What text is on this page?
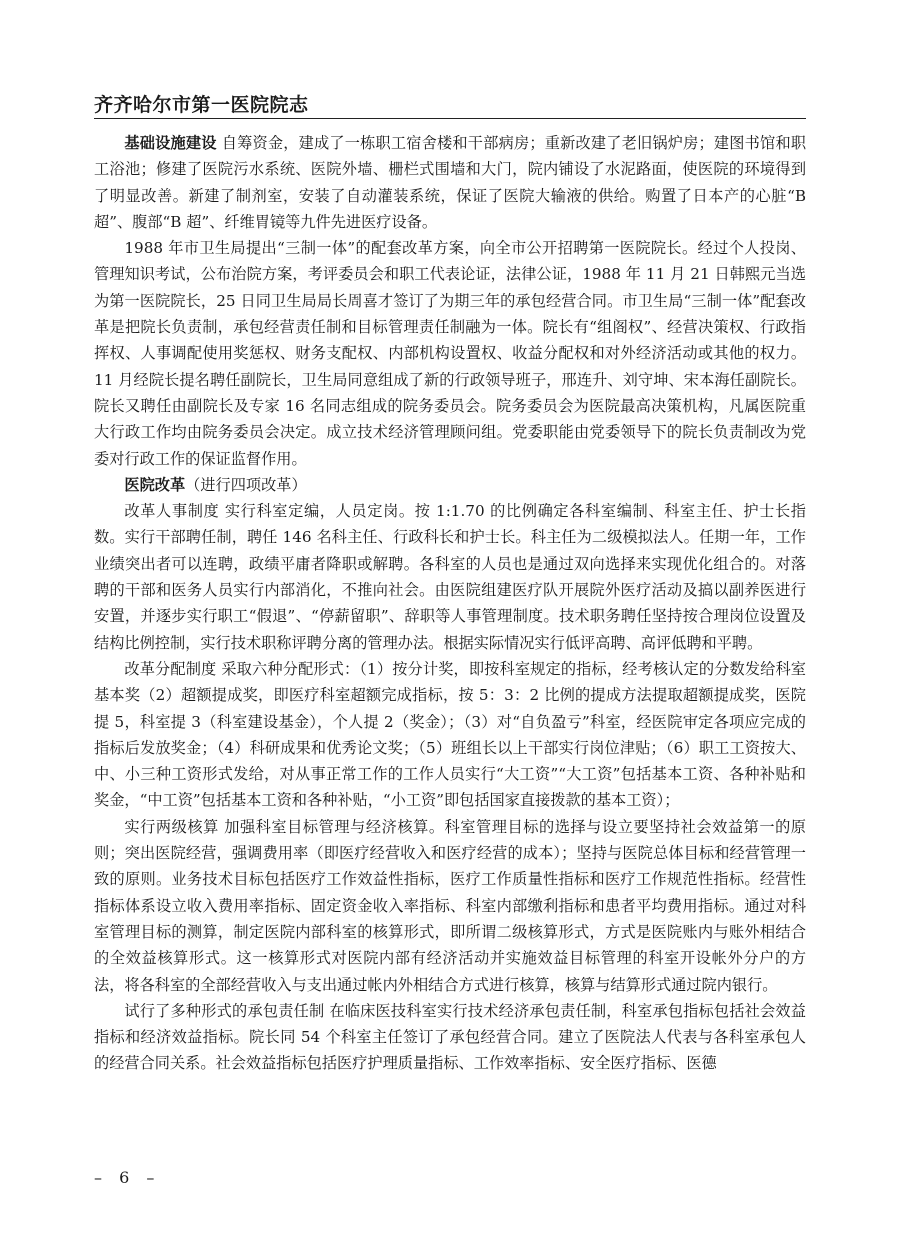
齐齐哈尔市第一医院院志

基础设施建设 自筹资金，建成了一栋职工宿舍楼和干部病房；重新改建了老旧锅炉房；建图书馆和职工浴池；修建了医院污水系统、医院外墙、栅栏式围墙和大门，院内铺设了水泥路面，使医院的环境得到了明显改善。新建了制剂室，安装了自动灌装系统，保证了医院大输液的供给。购置了日本产的心脏“B 超”、腹部“B 超”、纤维胃镜等九件先进医疗设备。

1988 年市卫生局提出“三制一体”的配套改革方案，向全市公开招聘第一医院院长。经过个人投岗、管理知识考试，公布治院方案，考评委员会和职工代表论证，法律公证，1988 年 11 月 21 日韩熙元当选为第一医院院长，25 日同卫生局局长周喜才签订了为期三年的承包经营合同。市卫生局“三制一体”配套改革是把院长负责制，承包经营责任制和目标管理责任制融为一体。院长有“组阁权”、经营决策权、行政指挥权、人事调配使用奖惩权、财务支配权、内部机构设置权、收益分配权和对外经济活动或其他的权力。11 月经院长提名聘任副院长，卫生局同意组成了新的行政领导班子，邢连升、刘守坤、宋本海任副院长。院长又聘任由副院长及专家 16 名同志组成的院务委员会。院务委员会为医院最高决策机构，凡属医院重大行政工作均由院务委员会决定。成立技术经济管理顾问组。党委职能由党委领导下的院长负责制改为党委对行政工作的保证监督作用。

医院改革（进行四项改革）

改革人事制度 实行科室定编，人员定岗。按 1:1.70 的比例确定各科室编制、科室主任、护士长指数。实行干部聘任制，聘任 146 名科主任、行政科长和护士长。科主任为二级模拟法人。任期一年，工作业绩突出者可以连聘，政绩平庸者降职或解聘。各科室的人员也是通过双向选择来实现优化组合的。对落聘的干部和医务人员实行内部消化，不推向社会。由医院组建医疗队开展院外医疗活动及搞以副养医进行安置，并逐步实行职工“假退”、“停薪留职”、辞职等人事管理制度。技术职务聘任坚持按合理岗位设置及结构比例控制，实行技术职称评聘分离的管理办法。根据实际情况实行低评高聘、高评低聘和平聘。

改革分配制度 采取六种分配形式：（1）按分计奖，即按科室规定的指标，经考核认定的分数发给科室基本奖（2）超额提成奖，即医疗科室超额完成指标，按 5：3：2 比例的提成方法提取超额提成奖，医院提 5，科室提 3（科室建设基金），个人提 2（奖金）；（3）对“自负盈亏”科室，经医院审定各项应完成的指标后发放奖金；（4）科研成果和优秀论文奖；（5）班组长以上干部实行岗位津贴；（6）职工工资按大、中、小三种工资形式发给，对从事正常工作的工作人员实行“大工资”“大工资”包括基本工资、各种补贴和奖金，“中工资”包括基本工资和各种补贴，“小工资”即包括国家直接拨款的基本工资）；

实行两级核算 加强科室目标管理与经济核算。科室管理目标的选择与设立要坚持社会效益第一的原则；突出医院经营，强调费用率（即医疗经营收入和医疗经营的成本）；坚持与医院总体目标和经营管理一致的原则。业务技术目标包括医疗工作效益性指标，医疗工作质量性指标和医疗工作规范性指标。经营性指标体系设立收入费用率指标、固定资金收入率指标、科室内部缴利指标和患者平均费用指标。通过对科室管理目标的测算，制定医院内部科室的核算形式，即所谓二级核算形式，方式是医院账内与账外相结合的全效益核算形式。这一核算形式对医院内部有经济活动并实施效益目标管理的科室开设帐外分户的方法，将各科室的全部经营收入与支出通过帐内外相结合方式进行核算，核算与结算形式通过院内银行。

试行了多种形式的承包责任制 在临床医技科室实行技术经济承包责任制，科室承包指标包括社会效益指标和经济效益指标。院长同 54 个科室主任签订了承包经营合同。建立了医院法人代表与各科室承包人的经营合同关系。社会效益指标包括医疗护理质量指标、工作效率指标、安全医疗指标、医德

– 6 –
